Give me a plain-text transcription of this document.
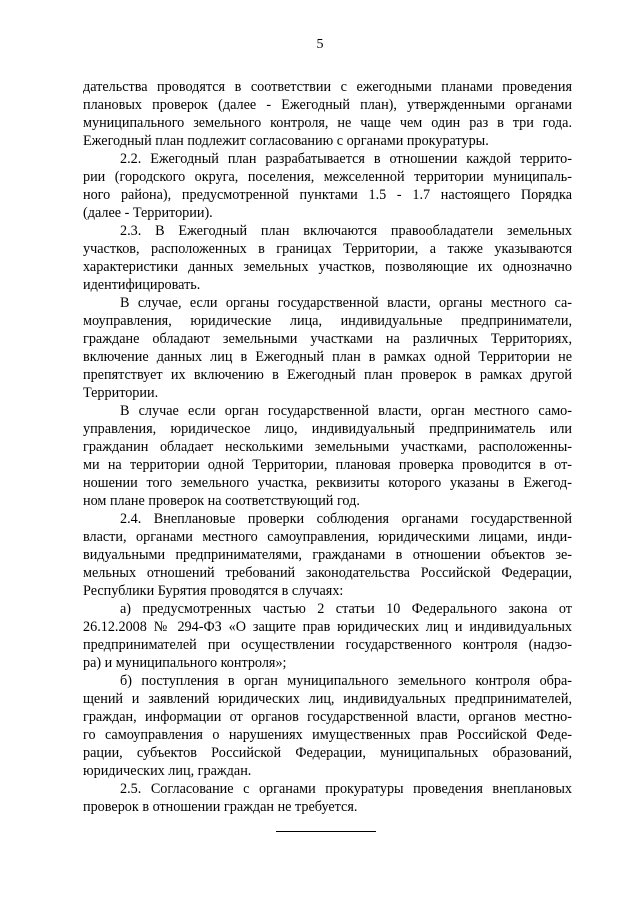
5
дательства проводятся в соответствии с ежегодными планами проведения
плановых проверок (далее - Ежегодный план), утвержденными органами
муниципального земельного контроля, не чаще чем один раз в три года.
Ежегодный план подлежит согласованию с органами прокуратуры.
2.2. Ежегодный план разрабатывается в отношении каждой террито-
рии (городского округа, поселения, межселенной территории муниципаль-
ного района), предусмотренной пунктами 1.5 - 1.7 настоящего Порядка
(далее - Территории).
2.3. В Ежегодный план включаются правообладатели земельных
участков, расположенных в границах Территории, а также указываются
характеристики данных земельных участков, позволяющие их однозначно
идентифицировать.
В случае, если органы государственной власти, органы местного са-
моуправления, юридические лица, индивидуальные предприниматели,
граждане обладают земельными участками на различных Территориях,
включение данных лиц в Ежегодный план в рамках одной Территории не
препятствует их включению в Ежегодный план проверок в рамках другой
Территории.
В случае если орган государственной власти, орган местного само-
управления, юридическое лицо, индивидуальный предприниматель или
гражданин обладает несколькими земельными участками, расположенны-
ми на территории одной Территории, плановая проверка проводится в от-
ношении того земельного участка, реквизиты которого указаны в Ежегод-
ном плане проверок на соответствующий год.
2.4. Внеплановые проверки соблюдения органами государственной
власти, органами местного самоуправления, юридическими лицами, инди-
видуальными предпринимателями, гражданами в отношении объектов зе-
мельных отношений требований законодательства Российской Федерации,
Республики Бурятия проводятся в случаях:
а) предусмотренных частью 2 статьи 10 Федерального закона от
26.12.2008 № 294-ФЗ «О защите прав юридических лиц и индивидуальных
предпринимателей при осуществлении государственного контроля (надзо-
ра) и муниципального контроля»;
б) поступления в орган муниципального земельного контроля обра-
щений и заявлений юридических лиц, индивидуальных предпринимателей,
граждан, информации от органов государственной власти, органов местно-
го самоуправления о нарушениях имущественных прав Российской Феде-
рации, субъектов Российской Федерации, муниципальных образований,
юридических лиц, граждан.
2.5. Согласование с органами прокуратуры проведения внеплановых
проверок в отношении граждан не требуется.
